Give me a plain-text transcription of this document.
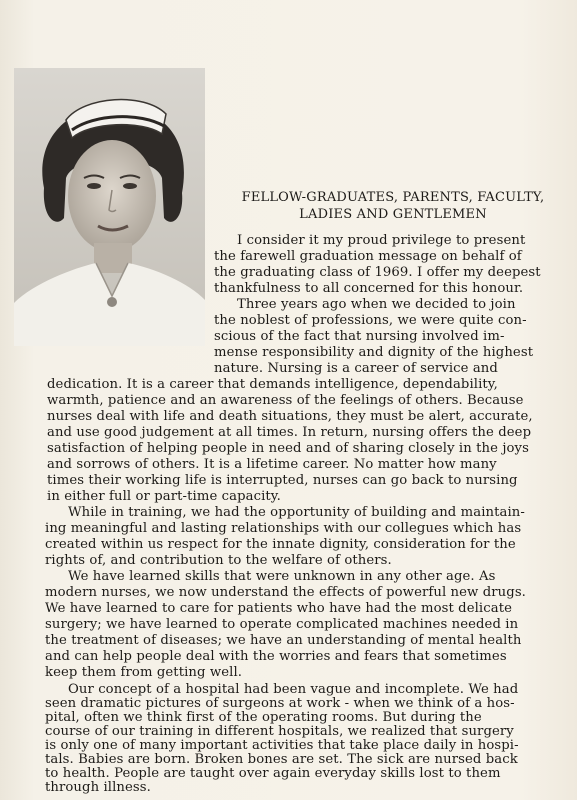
FELLOW-GRADUATES, PARENTS, FACULTY,
LADIES AND GENTLEMEN
I consider it my proud privilege to present
the farewell graduation message on behalf of
the graduating class of 1969. I offer my deepest
thankfulness to all concerned for this honour.
Three years ago when we decided to join
the noblest of professions, we were quite con-
scious of the fact that nursing involved im-
mense responsibility and dignity of the highest
nature. Nursing is a career of service and
dedication. It is a career that demands intelligence, dependability,
warmth, patience and an awareness of the feelings of others. Because
nurses deal with life and death situations, they must be alert, accurate,
and use good judgement at all times. In return, nursing offers the deep
satisfaction of helping people in need and of sharing closely in the joys
and sorrows of others. It is a lifetime career. No matter how many
times their working life is interrupted, nurses can go back to nursing
in either full or part-time capacity.
While in training, we had the opportunity of building and maintain-
ing meaningful and lasting relationships with our collegues which has
created within us respect for the innate dignity, consideration for the
rights of, and contribution to the welfare of others.
We have learned skills that were unknown in any other age. As
modern nurses, we now understand the effects of powerful new drugs.
We have learned to care for patients who have had the most delicate
surgery; we have learned to operate complicated machines needed in
the treatment of diseases; we have an understanding of mental health
and can help people deal with the worries and fears that sometimes
keep them from getting well.
Our concept of a hospital had been vague and incomplete. We had
seen dramatic pictures of surgeons at work - when we think of a hos-
pital, often we think first of the operating rooms. But during the
course of our training in different hospitals, we realized that surgery
is only one of many important activities that take place daily in hospi-
tals. Babies are born. Broken bones are set. The sick are nursed back
to health. People are taught over again everyday skills lost to them
through illness.
